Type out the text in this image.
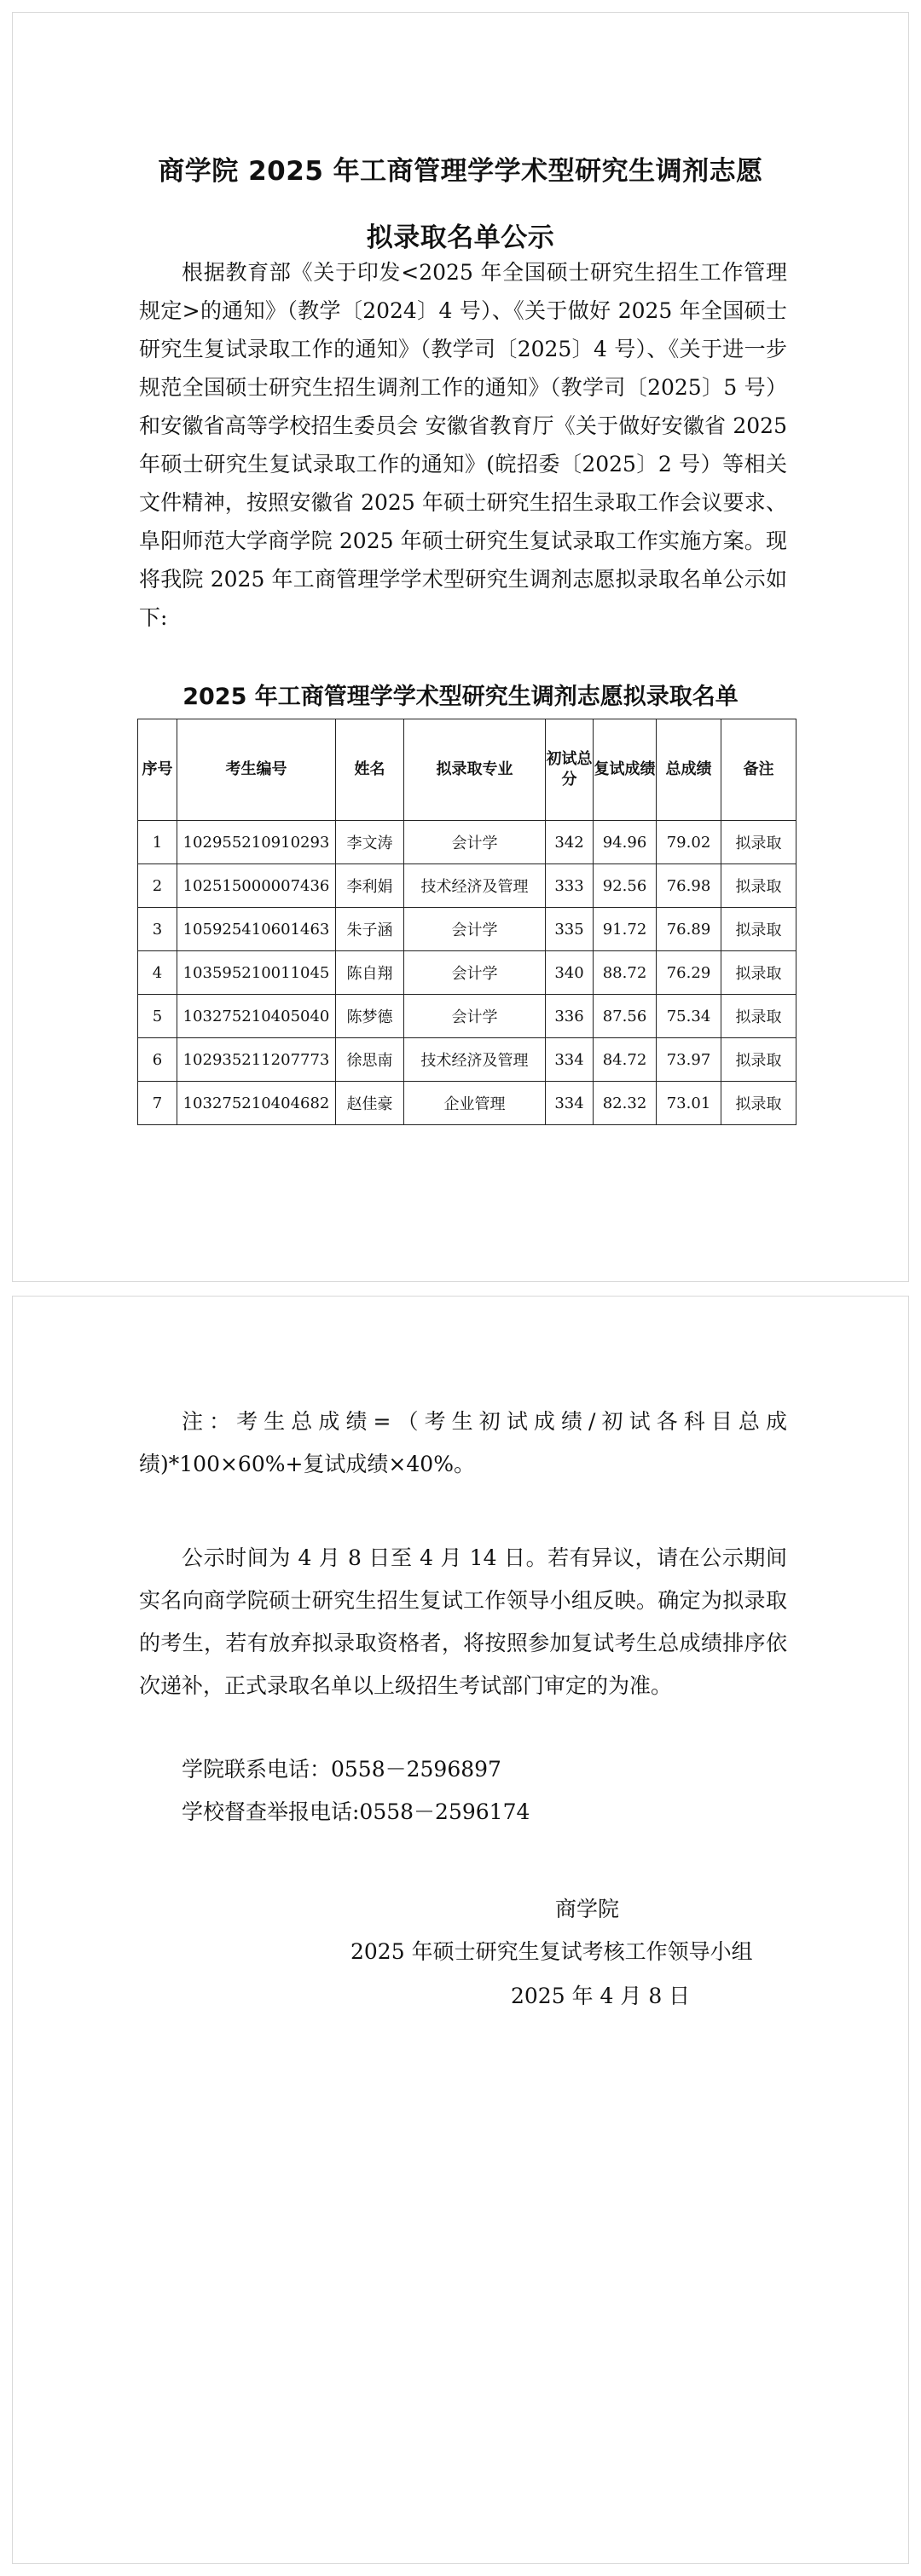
商学院 2025 年工商管理学学术型研究生调剂志愿
拟录取名单公示

根据教育部《关于印发<2025 年全国硕士研究生招生工作管理规定>的通知》（教学〔2024〕4 号）、《关于做好 2025 年全国硕士研究生复试录取工作的通知》（教学司〔2025〕4 号）、《关于进一步规范全国硕士研究生招生调剂工作的通知》（教学司〔2025〕5 号）和安徽省高等学校招生委员会 安徽省教育厅《关于做好安徽省 2025 年硕士研究生复试录取工作的通知》(皖招委〔2025〕2 号）等相关文件精神，按照安徽省 2025 年硕士研究生招生录取工作会议要求、阜阳师范大学商学院 2025 年硕士研究生复试录取工作实施方案。现将我院 2025 年工商管理学学术型研究生调剂志愿拟录取名单公示如下:

2025 年工商管理学学术型研究生调剂志愿拟录取名单
序号	考生编号	姓名	拟录取专业	初试总分	复试成绩	总成绩	备注
1	102955210910293	李文涛	会计学	342	94.96	79.02	拟录取
2	102515000007436	李利娟	技术经济及管理	333	92.56	76.98	拟录取
3	105925410601463	朱子涵	会计学	335	91.72	76.89	拟录取
4	103595210011045	陈自翔	会计学	340	88.72	76.29	拟录取
5	103275210405040	陈梦德	会计学	336	87.56	75.34	拟录取
6	102935211207773	徐思南	技术经济及管理	334	84.72	73.97	拟录取
7	103275210404682	赵佳豪	企业管理	334	82.32	73.01	拟录取

注：考生总成绩=（考生初试成绩/初试各科目总成绩)*100×60%+复试成绩×40%。

公示时间为 4 月 8 日至 4 月 14 日。若有异议，请在公示期间实名向商学院硕士研究生招生复试工作领导小组反映。确定为拟录取的考生，若有放弃拟录取资格者，将按照参加复试考生总成绩排序依次递补，正式录取名单以上级招生考试部门审定的为准。

学院联系电话：0558－2596897

学校督查举报电话:0558－2596174

商学院

2025 年硕士研究生复试考核工作领导小组

2025 年 4 月 8 日
